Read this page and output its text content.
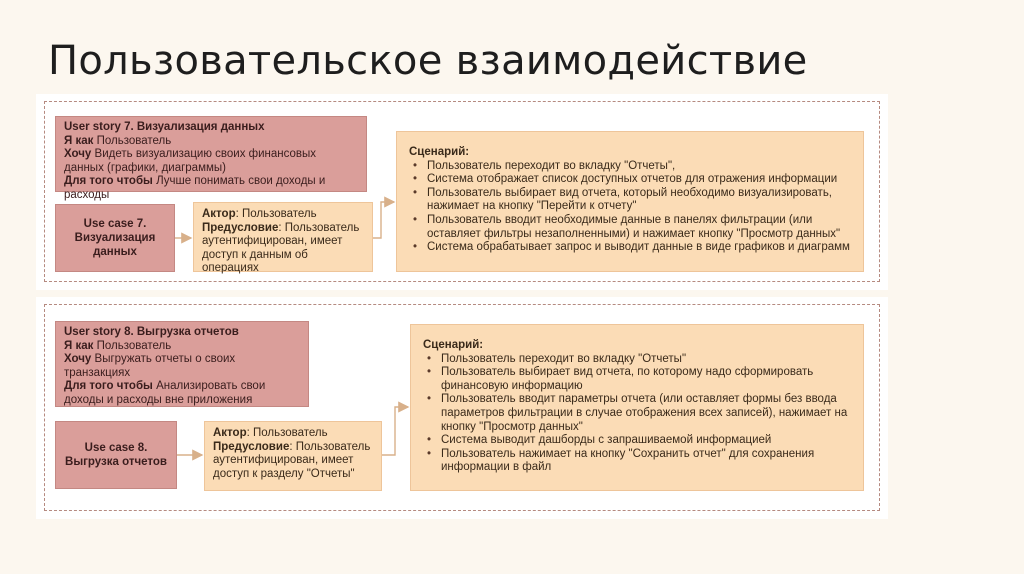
Пользовательское взаимодействие
User story 7. Визуализация данных
Я как Пользователь
Хочу Видеть визуализацию своих финансовых данных (графики, диаграммы)
Для того чтобы Лучше понимать свои доходы и расходы
Use case 7.
Визуализация
данных
Актор: Пользователь
Предусловие: Пользователь аутентифицирован, имеет доступ к данным об операциях
Сценарий:
• Пользователь переходит во вкладку "Отчеты",
• Система отображает список доступных отчетов для отражения информации
• Пользователь выбирает вид отчета, который необходимо визуализировать, нажимает на кнопку "Перейти к отчету"
• Пользователь вводит необходимые данные в панелях фильтрации (или оставляет фильтры незаполненными) и нажимает кнопку "Просмотр данных"
• Система обрабатывает запрос и выводит данные в виде графиков и диаграмм
User story 8. Выгрузка отчетов
Я как Пользователь
Хочу Выгружать отчеты о своих транзакциях
Для того чтобы Анализировать свои доходы и расходы вне приложения
Use case 8.
Выгрузка отчетов
Актор: Пользователь
Предусловие: Пользователь аутентифицирован, имеет доступ к разделу "Отчеты"
Сценарий:
• Пользователь переходит во вкладку "Отчеты"
• Пользователь выбирает вид отчета, по которому надо сформировать финансовую информацию
• Пользователь вводит параметры отчета (или оставляет формы без ввода параметров фильтрации в случае отображения всех записей), нажимает на кнопку "Просмотр данных"
• Система выводит дашборды с запрашиваемой информацией
• Пользователь нажимает на кнопку "Сохранить отчет" для сохранения информации в файл
